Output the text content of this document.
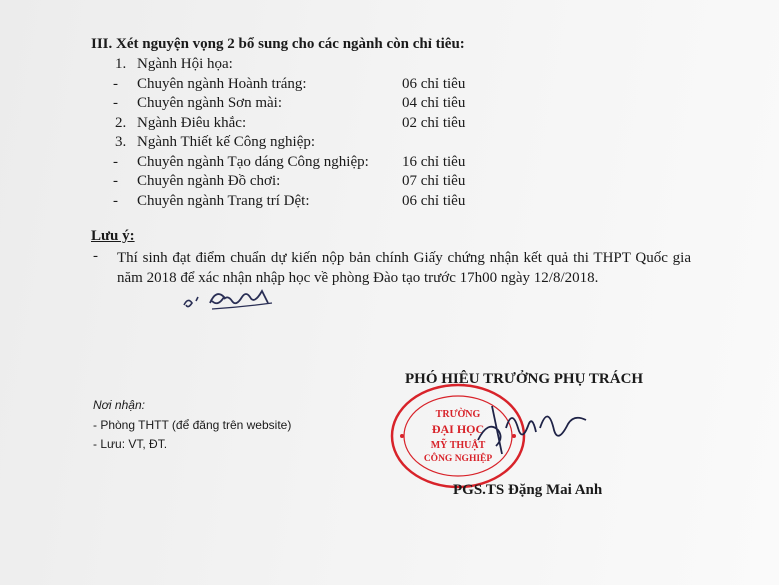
III. Xét nguyện vọng 2 bổ sung cho các ngành còn chỉ tiêu:
1. Ngành Hội họa:
- Chuyên ngành Hoành tráng:	06 chỉ tiêu
- Chuyên ngành Sơn mài:	04 chỉ tiêu
2. Ngành Điêu khắc:	02 chỉ tiêu
3. Ngành Thiết kế Công nghiệp:
- Chuyên ngành Tạo dáng Công nghiệp: 16 chỉ tiêu
- Chuyên ngành Đồ chơi:	07 chỉ tiêu
- Chuyên ngành Trang trí Dệt:	06 chỉ tiêu
Lưu ý:
- Thí sinh đạt điểm chuẩn dự kiến nộp bản chính Giấy chứng nhận kết quả thi THPT Quốc gia năm 2018 để xác nhận nhập học về phòng Đào tạo trước 17h00 ngày 12/8/2018.
Nơi nhận:
- Phòng THTT (để đăng trên website)
- Lưu: VT, ĐT.
PHÓ HIỆU TRƯỞNG PHỤ TRÁCH
TRƯỜNG
ĐẠI HỌC
MỸ THUẬT
CÔNG NGHIỆP
PGS.TS Đặng Mai Anh
